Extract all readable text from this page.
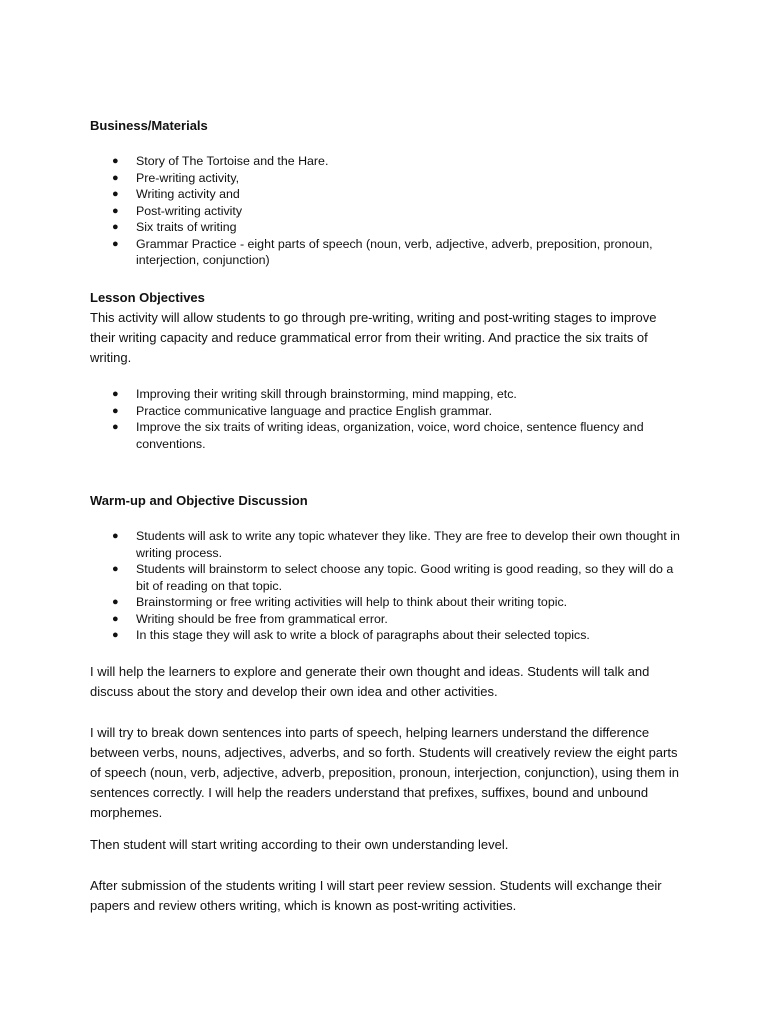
Business/Materials
● Story of The Tortoise and the Hare.
● Pre-writing activity,
● Writing activity and
● Post-writing activity
● Six traits of writing
● Grammar Practice - eight parts of speech (noun, verb, adjective, adverb, preposition, pronoun, interjection, conjunction)
Lesson Objectives

This activity will allow students to go through pre-writing, writing and post-writing stages to improve their writing capacity and reduce grammatical error from their writing. And practice the six traits of writing.

● Improving their writing skill through brainstorming, mind mapping, etc.
● Practice communicative language and practice English grammar.
● Improve the six traits of writing ideas, organization, voice, word choice, sentence fluency and conventions.
Warm-up and Objective Discussion
● Students will ask to write any topic whatever they like. They are free to develop their own thought in writing process.
● Students will brainstorm to select choose any topic. Good writing is good reading, so they will do a bit of reading on that topic.
● Brainstorming or free writing activities will help to think about their writing topic.
● Writing should be free from grammatical error.
● In this stage they will ask to write a block of paragraphs about their selected topics.

I will help the learners to explore and generate their own thought and ideas. Students will talk and discuss about the story and develop their own idea and other activities.

I will try to break down sentences into parts of speech, helping learners understand the difference between verbs, nouns, adjectives, adverbs, and so forth. Students will creatively review the eight parts of speech (noun, verb, adjective, adverb, preposition, pronoun, interjection, conjunction), using them in sentences correctly. I will help the readers understand that prefixes, suffixes, bound and unbound morphemes.

Then student will start writing according to their own understanding level.

After submission of the students writing I will start peer review session. Students will exchange their papers and review others writing, which is known as post-writing activities.
